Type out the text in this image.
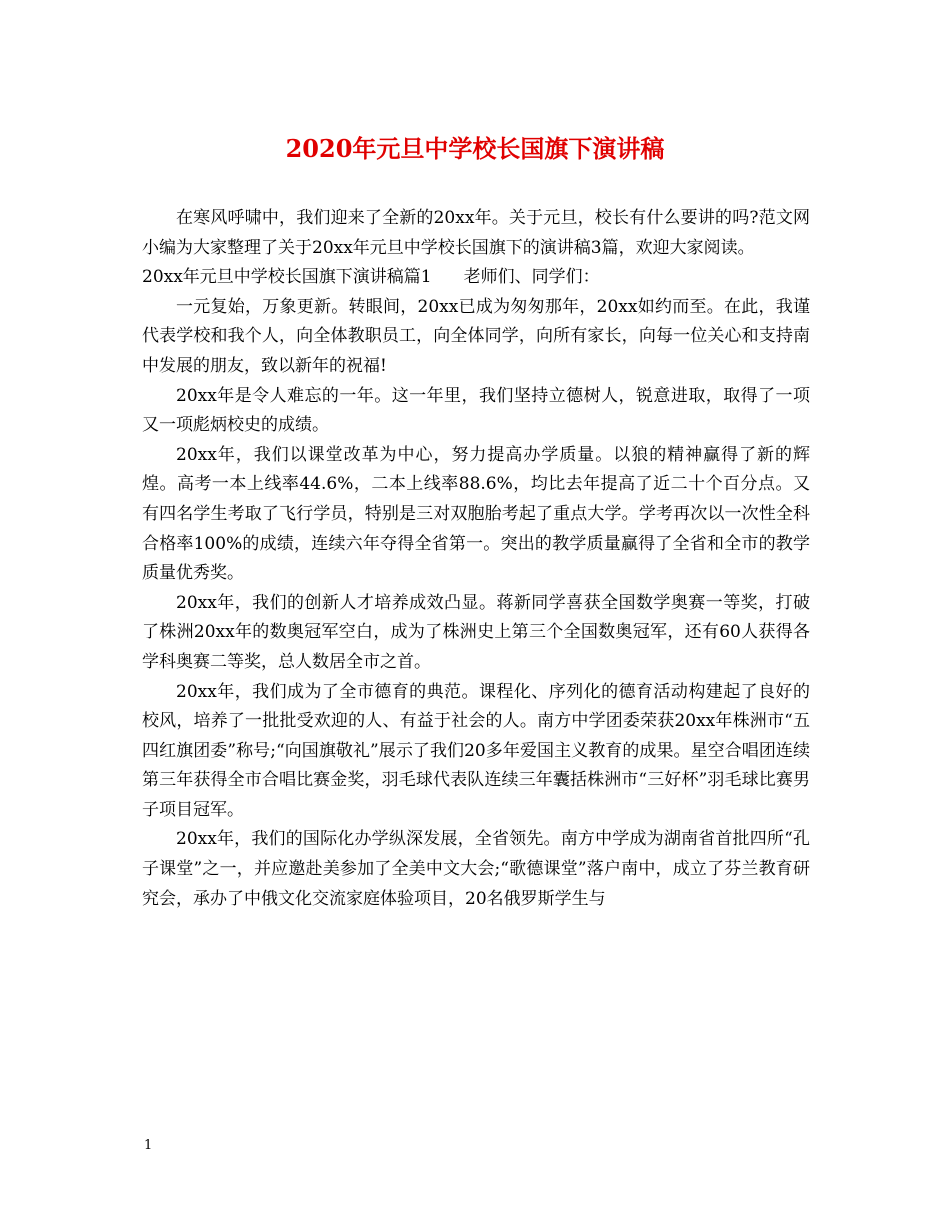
2020年元旦中学校长国旗下演讲稿

在寒风呼啸中，我们迎来了全新的20xx年。关于元旦，校长有什么要讲的吗?范文网小编为大家整理了关于20xx年元旦中学校长国旗下的演讲稿3篇，欢迎大家阅读。

20xx年元旦中学校长国旗下演讲稿篇1 老师们、同学们：

一元复始，万象更新。转眼间，20xx已成为匆匆那年，20xx如约而至。在此，我谨代表学校和我个人，向全体教职员工，向全体同学，向所有家长，向每一位关心和支持南中发展的朋友，致以新年的祝福!

20xx年是令人难忘的一年。这一年里，我们坚持立德树人，锐意进取，取得了一项又一项彪炳校史的成绩。

20xx年，我们以课堂改革为中心，努力提高办学质量。以狼的精神赢得了新的辉煌。高考一本上线率44.6%，二本上线率88.6%，均比去年提高了近二十个百分点。又有四名学生考取了飞行学员，特别是三对双胞胎考起了重点大学。学考再次以一次性全科合格率100%的成绩，连续六年夺得全省第一。突出的教学质量赢得了全省和全市的教学质量优秀奖。

20xx年，我们的创新人才培养成效凸显。蒋新同学喜获全国数学奥赛一等奖，打破了株洲20xx年的数奥冠军空白，成为了株洲史上第三个全国数奥冠军，还有60人获得各学科奥赛二等奖，总人数居全市之首。

20xx年，我们成为了全市德育的典范。课程化、序列化的德育活动构建起了良好的校风，培养了一批批受欢迎的人、有益于社会的人。南方中学团委荣获20xx年株洲市“五四红旗团委”称号;“向国旗敬礼”展示了我们20多年爱国主义教育的成果。星空合唱团连续第三年获得全市合唱比赛金奖，羽毛球代表队连续三年囊括株洲市“三好杯”羽毛球比赛男子项目冠军。

20xx年，我们的国际化办学纵深发展，全省领先。南方中学成为湖南省首批四所“孔子课堂”之一，并应邀赴美参加了全美中文大会;“歌德课堂”落户南中，成立了芬兰教育研究会，承办了中俄文化交流家庭体验项目，20名俄罗斯学生与

1
